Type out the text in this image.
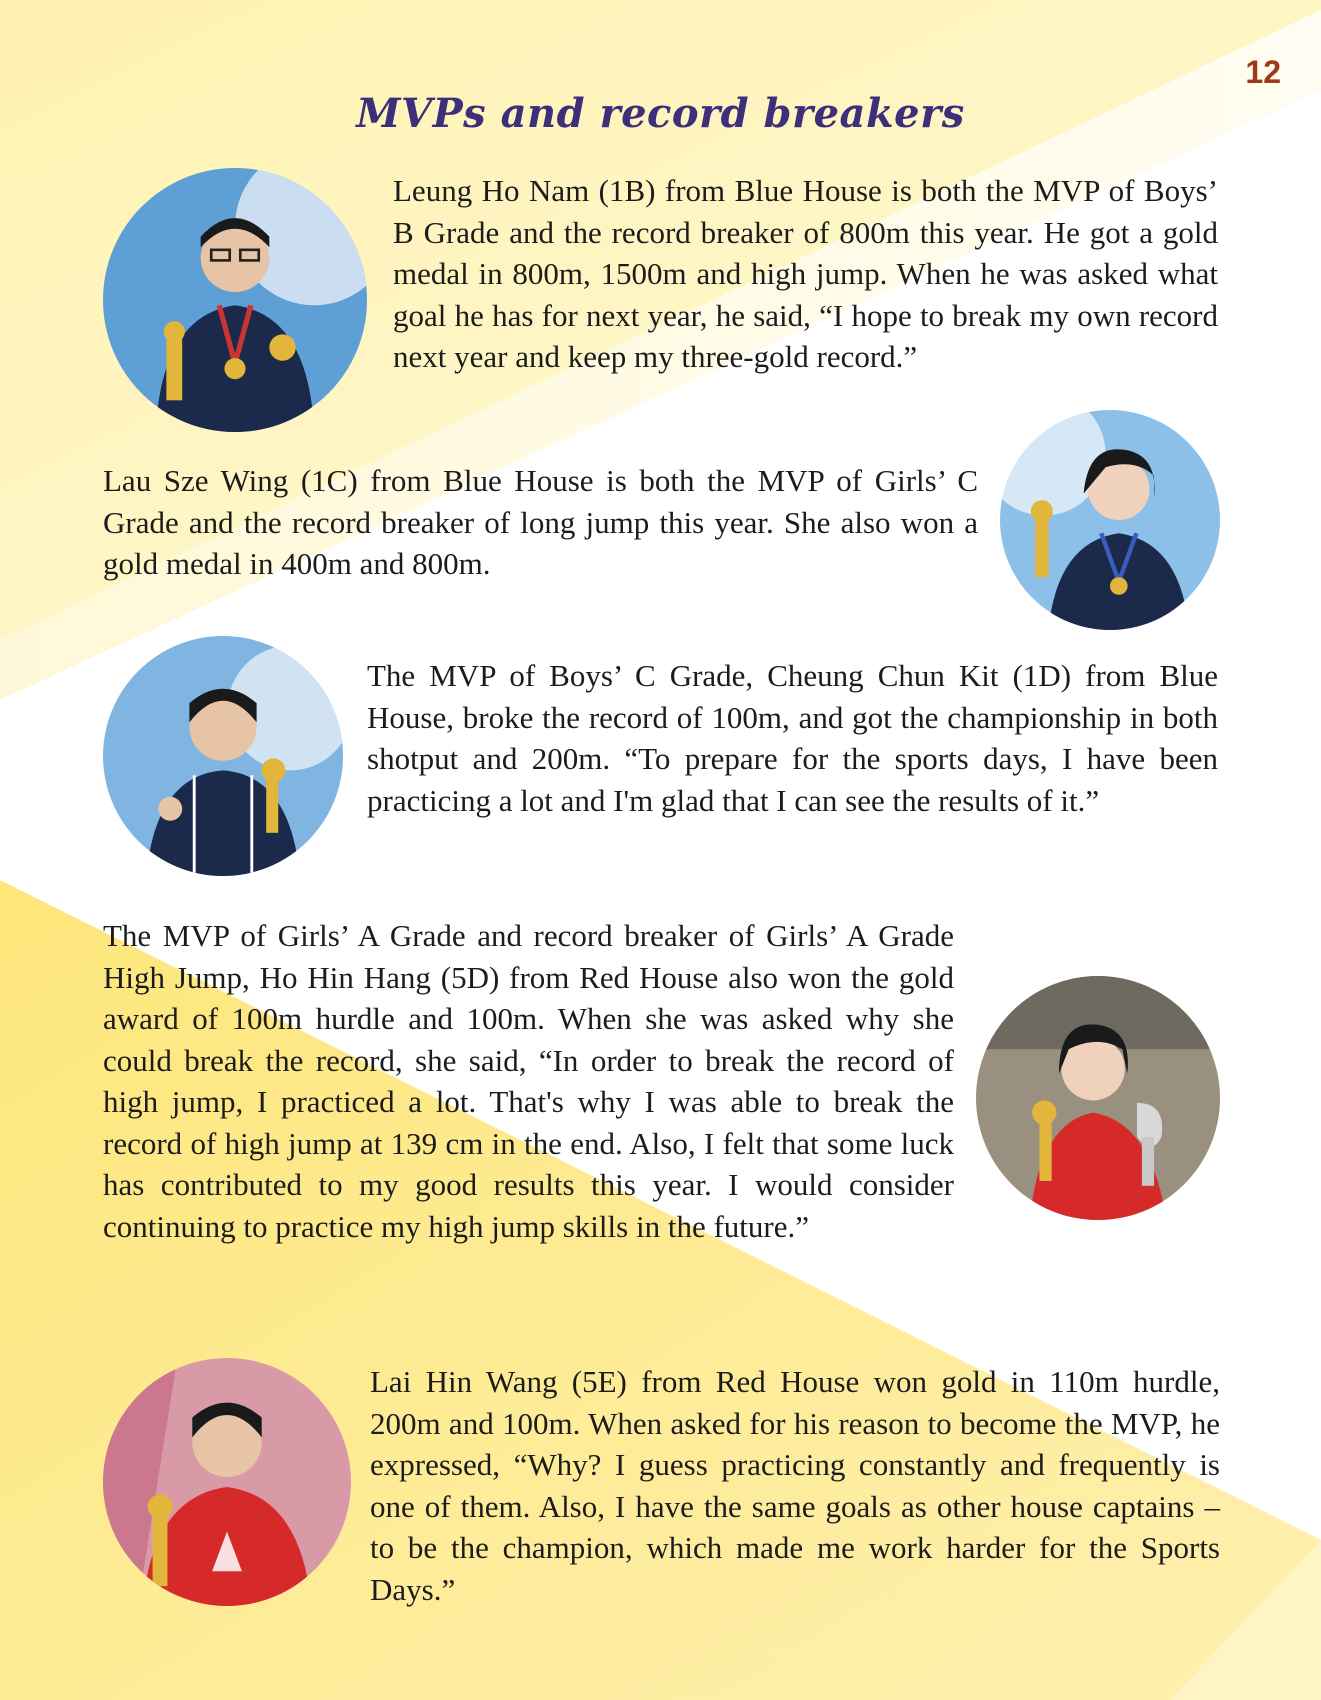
12
MVPs and record breakers

Leung Ho Nam (1B) from Blue House is both the MVP of Boys’ B Grade and the record breaker of 800m this year. He got a gold medal in 800m, 1500m and high jump. When he was asked what goal he has for next year, he said, “I hope to break my own record next year and keep my three-gold record.”

Lau Sze Wing (1C) from Blue House is both the MVP of Girls’ C Grade and the record breaker of long jump this year. She also won a gold medal in 400m and 800m.

The MVP of Boys’ C Grade, Cheung Chun Kit (1D) from Blue House, broke the record of 100m, and got the championship in both shotput and 200m. “To prepare for the sports days, I have been practicing a lot and I'm glad that I can see the results of it.”

The MVP of Girls’ A Grade and record breaker of Girls’ A Grade High Jump, Ho Hin Hang (5D) from Red House also won the gold award of 100m hurdle and 100m. When she was asked why she could break the record, she said, “In order to break the record of high jump, I practiced a lot. That's why I was able to break the record of high jump at 139 cm in the end. Also, I felt that some luck has contributed to my good results this year. I would consider continuing to practice my high jump skills in the future.”

Lai Hin Wang (5E) from Red House won gold in 110m hurdle, 200m and 100m. When asked for his reason to become the MVP, he expressed, “Why? I guess practicing constantly and frequently is one of them. Also, I have the same goals as other house captains – to be the champion, which made me work harder for the Sports Days.”
